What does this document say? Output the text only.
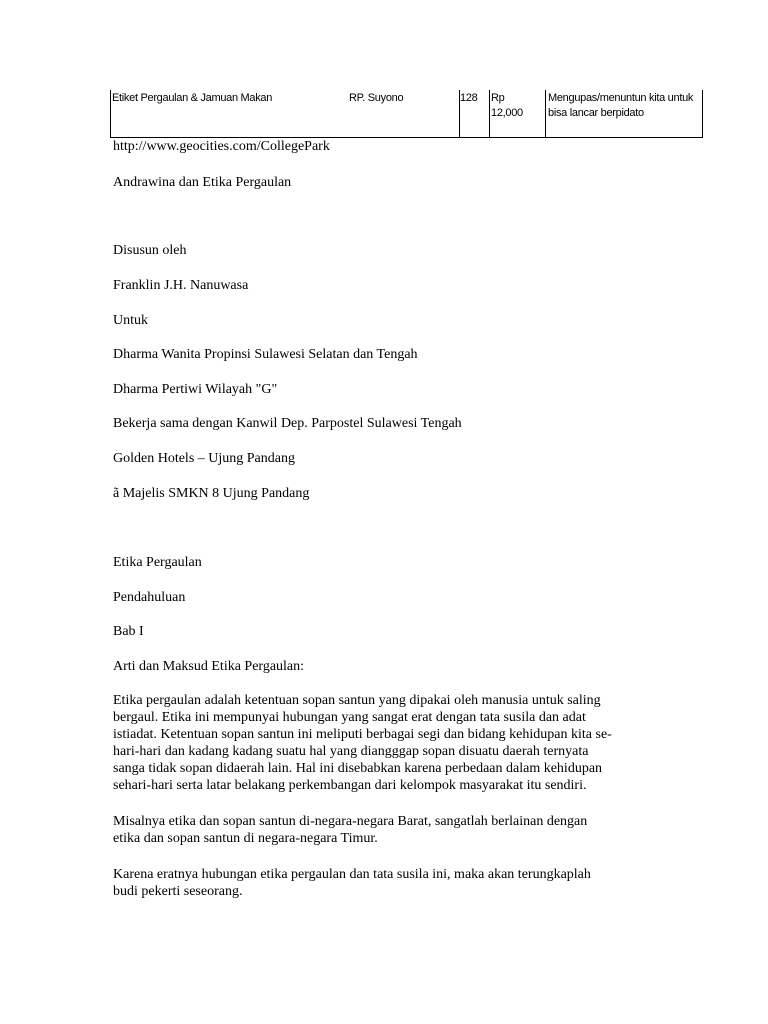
Etiket Pergaulan & Jamuan Makan	RP. Suyono	128 Rp
12,000
Mengupas/menuntun kita untuk
bisa lancar berpidato

http://www.geocities.com/CollegePark

Andrawina dan Etika Pergaulan

Disusun oleh

Franklin J.H. Nanuwasa

Untuk

Dharma Wanita Propinsi Sulawesi Selatan dan Tengah

Dharma Pertiwi Wilayah "G"

Bekerja sama dengan Kanwil Dep. Parpostel Sulawesi Tengah

Golden Hotels – Ujung Pandang

ã Majelis SMKN 8 Ujung Pandang

Etika Pergaulan

Pendahuluan

Bab I

Arti dan Maksud Etika Pergaulan:

Etika pergaulan adalah ketentuan sopan santun yang dipakai oleh manusia untuk saling
bergaul. Etika ini mempunyai hubungan yang sangat erat dengan tata susila dan adat
istiadat. Ketentuan sopan santun ini meliputi berbagai segi dan bidang kehidupan kita se-
hari-hari dan kadang kadang suatu hal yang diangggap sopan disuatu daerah ternyata
sanga tidak sopan didaerah lain. Hal ini disebabkan karena perbedaan dalam kehidupan
sehari-hari serta latar belakang perkembangan dari kelompok masyarakat itu sendiri.

Misalnya etika dan sopan santun di-negara-negara Barat, sangatlah berlainan dengan
etika dan sopan santun di negara-negara Timur.

Karena eratnya hubungan etika pergaulan dan tata susila ini, maka akan terungkaplah
budi pekerti seseorang.
